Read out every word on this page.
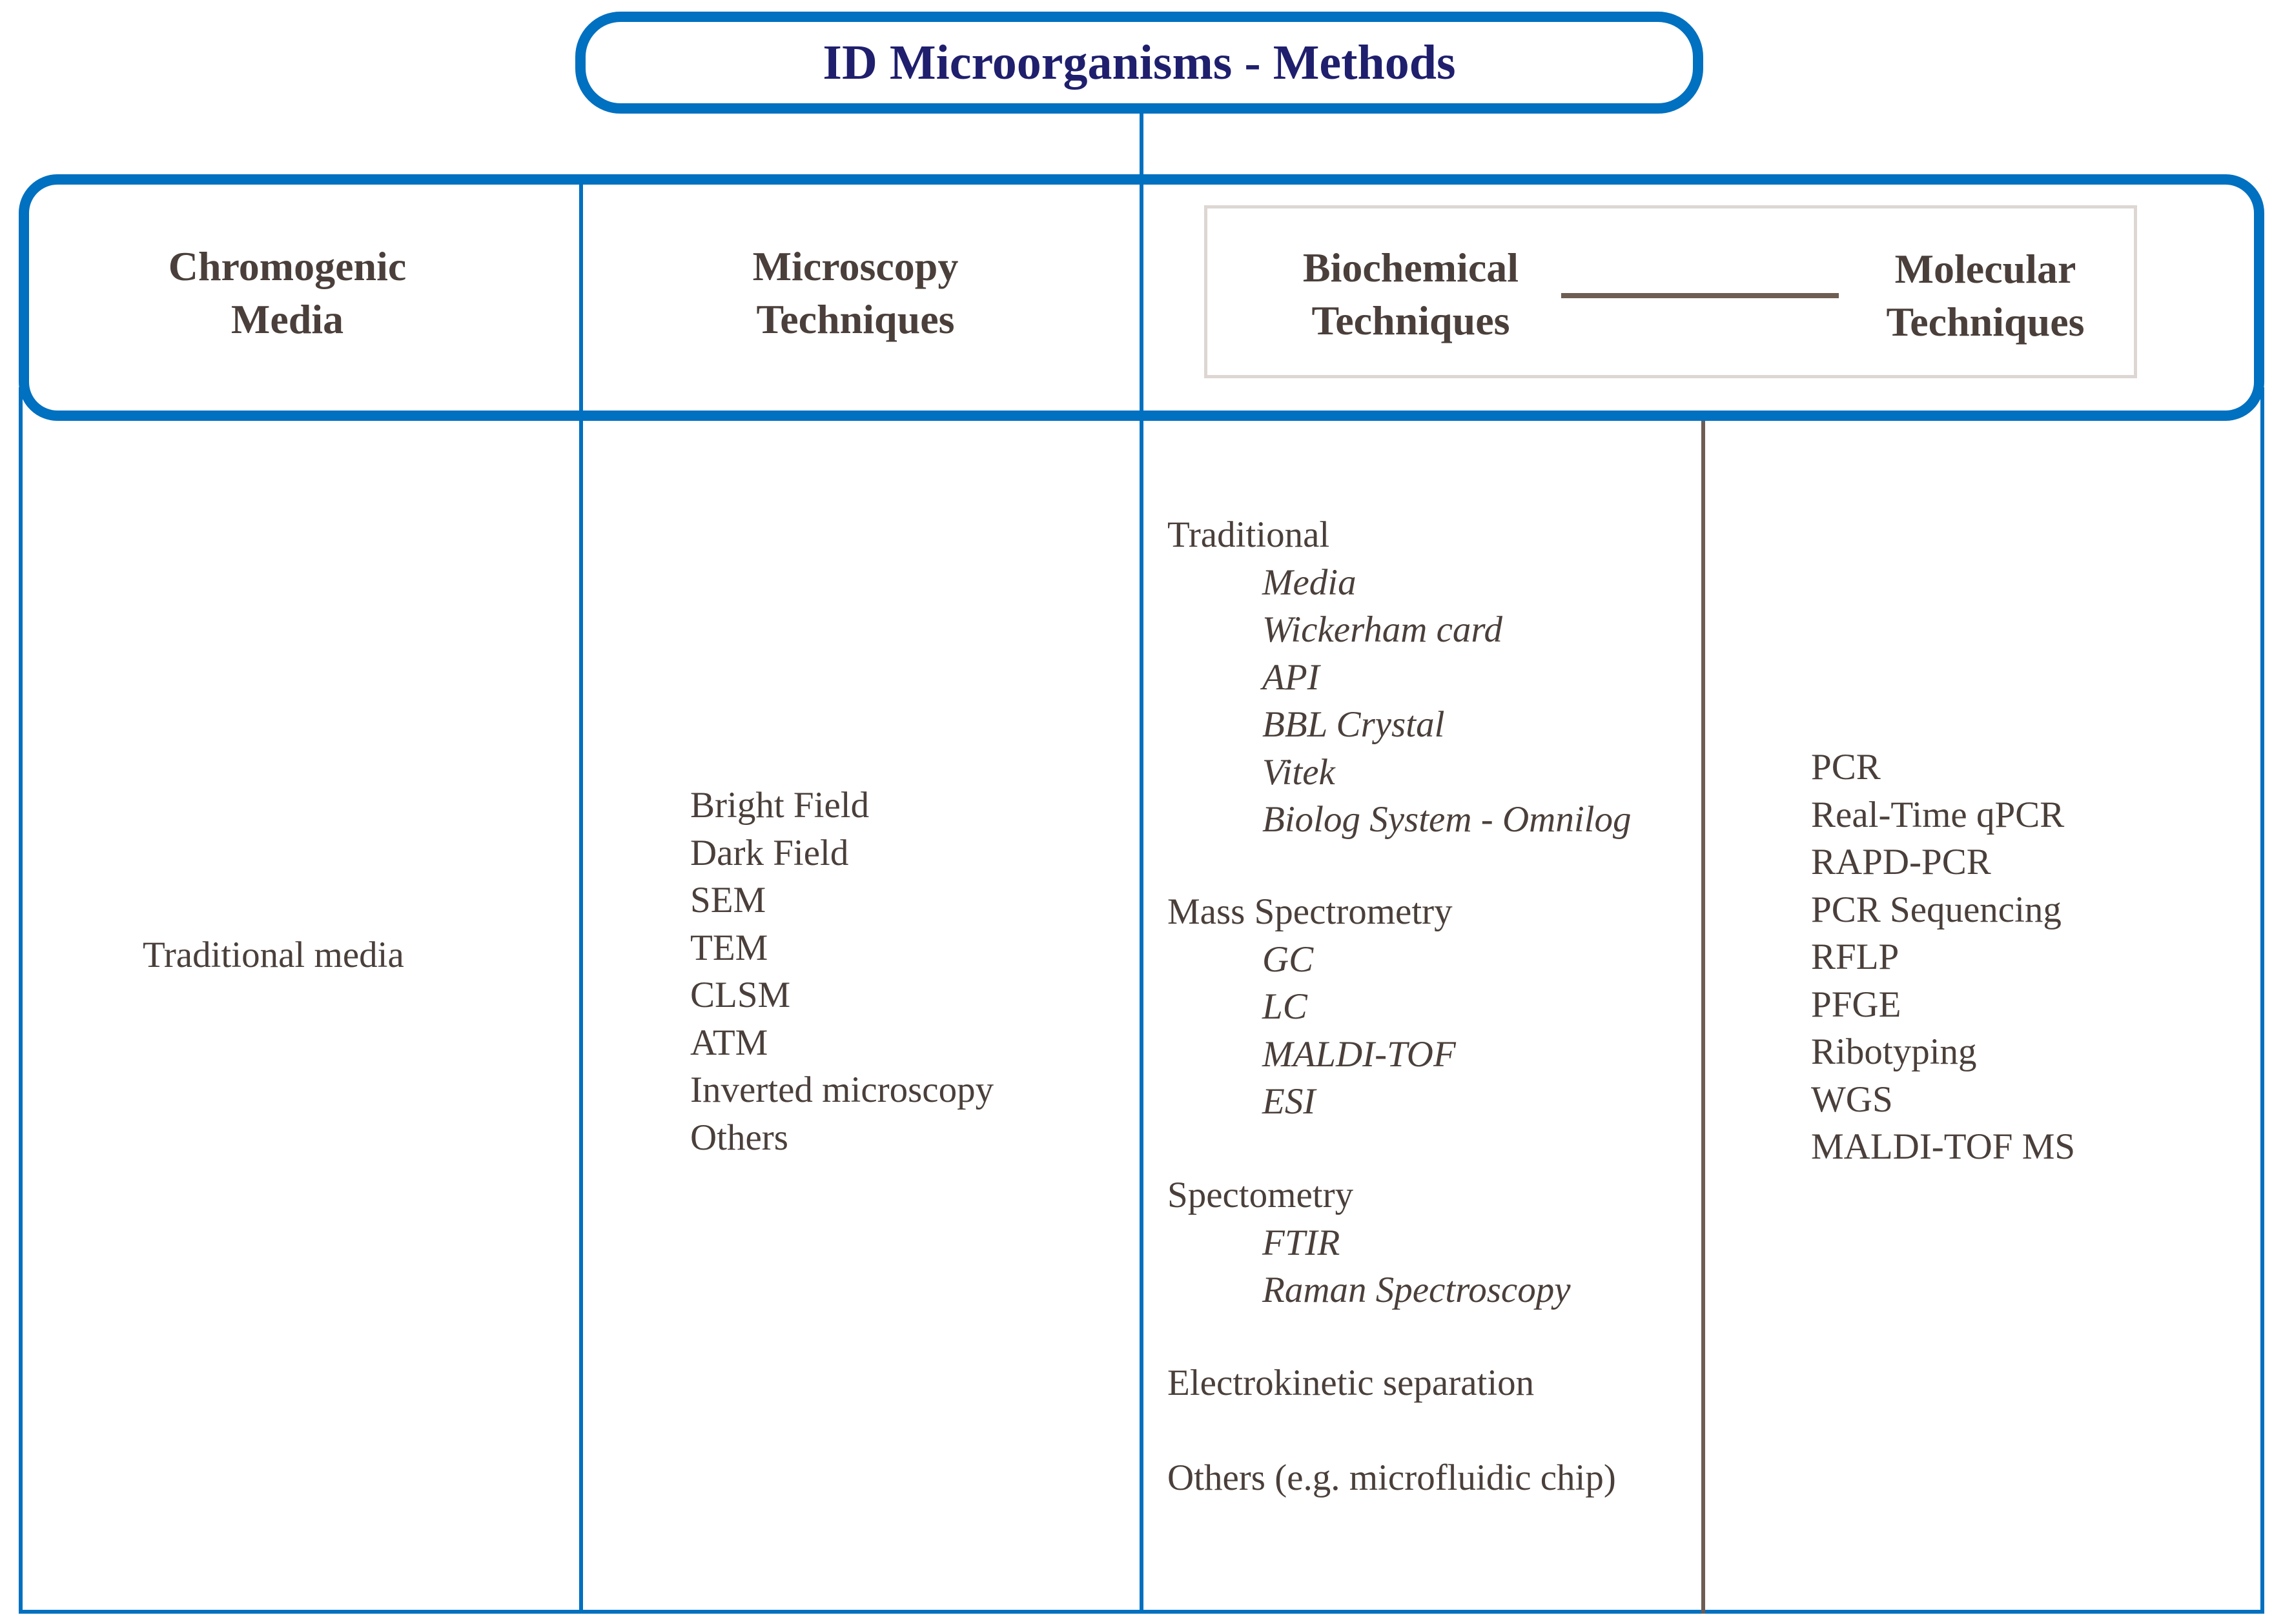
ID Microorganisms - Methods
Chromogenic
Media
Microscopy
Techniques
Biochemical
Techniques
Molecular
Techniques
Traditional media
Bright Field
Dark Field
SEM
TEM
CLSM
ATM
Inverted microscopy
Others
Traditional
Media
Wickerham card
API
BBL Crystal
Vitek
Biolog System - Omnilog
Mass Spectrometry
GC
LC
MALDI-TOF
ESI
Spectometry
FTIR
Raman Spectroscopy
Electrokinetic separation
Others (e.g. microfluidic chip)
PCR
Real-Time qPCR
RAPD-PCR
PCR Sequencing
RFLP
PFGE
Ribotyping
WGS
MALDI-TOF MS
